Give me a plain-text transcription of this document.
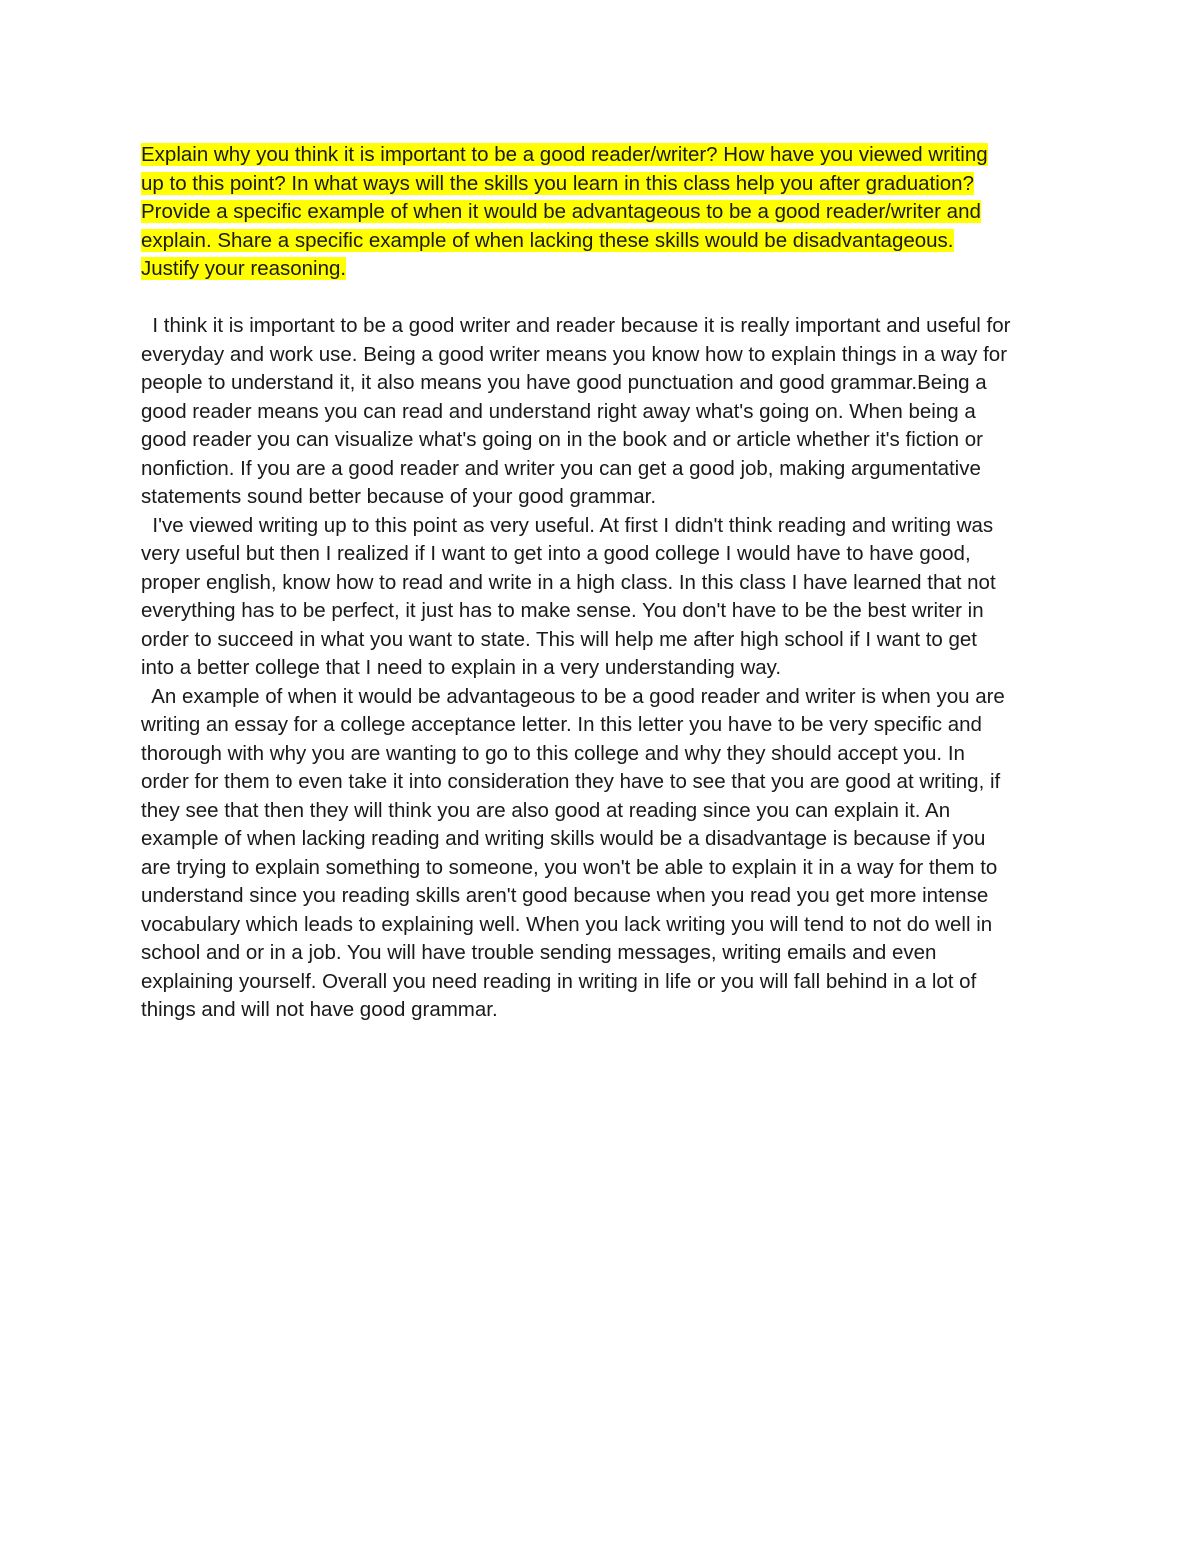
Explain why you think it is important to be a good reader/writer? How have you viewed writing
up to this point? In what ways will the skills you learn in this class help you after graduation?
Provide a specific example of when it would be advantageous to be a good reader/writer and
explain. Share a specific example of when lacking these skills would be disadvantageous.
Justify your reasoning.
I think it is important to be a good writer and reader because it is really important and useful for
everyday and work use. Being a good writer means you know how to explain things in a way for
people to understand it, it also means you have good punctuation and good grammar.Being a
good reader means you can read and understand right away what's going on. When being a
good reader you can visualize what's going on in the book and or article whether it's fiction or
nonfiction. If you are a good reader and writer you can get a good job, making argumentative
statements sound better because of your good grammar.
I've viewed writing up to this point as very useful. At first I didn't think reading and writing was
very useful but then I realized if I want to get into a good college I would have to have good,
proper english, know how to read and write in a high class. In this class I have learned that not
everything has to be perfect, it just has to make sense. You don't have to be the best writer in
order to succeed in what you want to state. This will help me after high school if I want to get
into a better college that I need to explain in a very understanding way.
An example of when it would be advantageous to be a good reader and writer is when you are
writing an essay for a college acceptance letter. In this letter you have to be very specific and
thorough with why you are wanting to go to this college and why they should accept you. In
order for them to even take it into consideration they have to see that you are good at writing, if
they see that then they will think you are also good at reading since you can explain it. An
example of when lacking reading and writing skills would be a disadvantage is because if you
are trying to explain something to someone, you won't be able to explain it in a way for them to
understand since you reading skills aren't good because when you read you get more intense
vocabulary which leads to explaining well. When you lack writing you will tend to not do well in
school and or in a job. You will have trouble sending messages, writing emails and even
explaining yourself. Overall you need reading in writing in life or you will fall behind in a lot of
things and will not have good grammar.
